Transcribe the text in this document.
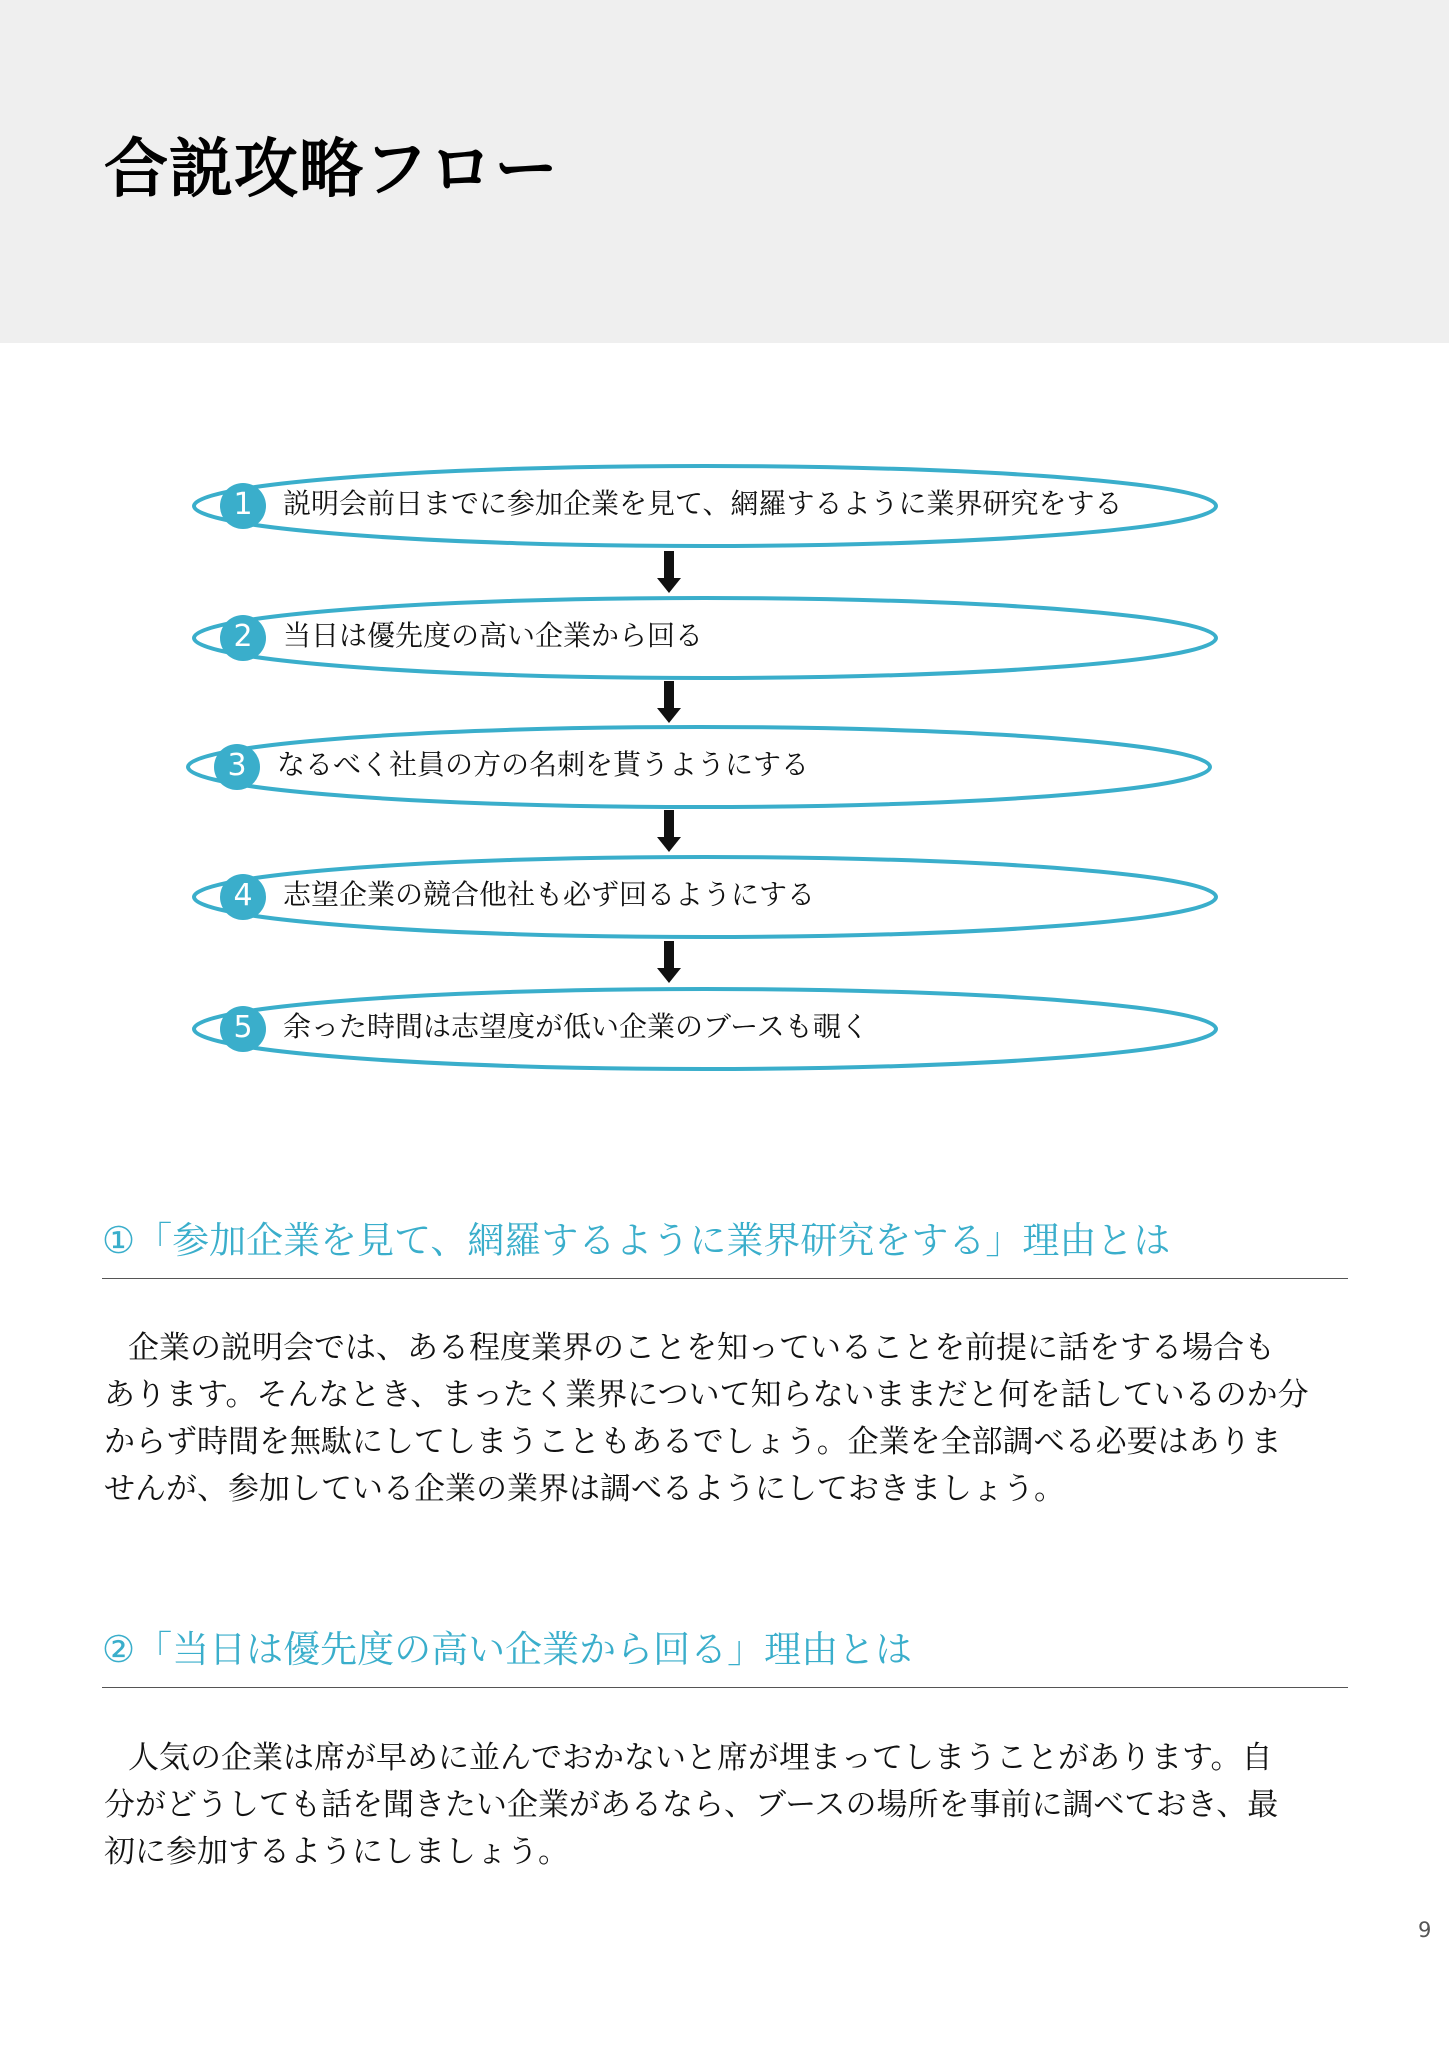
合説攻略フロー
1	説明会前日までに参加企業を見て、網羅するように業界研究をする
2	当日は優先度の高い企業から回る
3	なるべく社員の方の名刺を貰うようにする
4	志望企業の競合他社も必ず回るようにする
5	余った時間は志望度が低い企業のブースも覗く
①「参加企業を見て、網羅するように業界研究をする」理由とは

企業の説明会では、ある程度業界のことを知っていることを前提に話をする場合も

あります。そんなとき、まったく業界について知らないままだと何を話しているのか分

からず時間を無駄にしてしまうこともあるでしょう。企業を全部調べる必要はありま

せんが、参加している企業の業界は調べるようにしておきましょう。

②「当日は優先度の高い企業から回る」理由とは

人気の企業は席が早めに並んでおかないと席が埋まってしまうことがあります。自

分がどうしても話を聞きたい企業があるなら、ブースの場所を事前に調べておき、最

初に参加するようにしましょう。

9
